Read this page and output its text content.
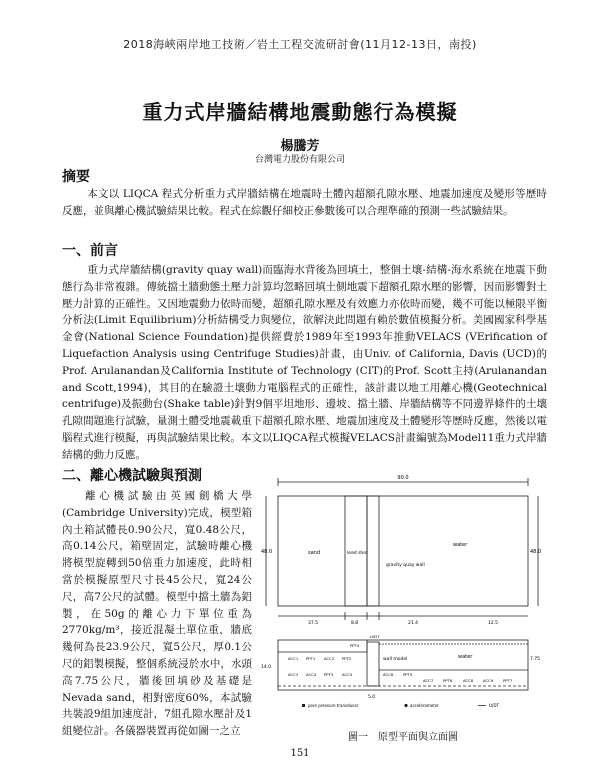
2018海峽兩岸地工技術／岩土工程交流研討會(11月12-13日，南投)
重力式岸牆結構地震動態行為模擬
楊騰芳
台灣電力股份有限公司
摘要
本文以 LIQCA 程式分析重力式岸牆結構在地震時土體內超額孔隙水壓、地震加速度及變形等歷時反應，並與離心機試驗結果比較。程式在綜觀仔細校正參數後可以合理準確的預測一些試驗結果。
一、前言
重力式岸牆結構(gravity quay wall)而臨海水背後為回填土，整個土壤-結構-海水系統在地震下動態行為非常複雜。傳統擋土牆動態土壓力計算均忽略回填土側地震下超額孔隙水壓的影響，因而影響對土壓力計算的正確性。又因地震動力依時而變，超額孔隙水壓及有效應力亦依時而變，幾不可能以極限平衡分析法(Limit Equilibrium)分析結構受力與變位，欲解決此問題有賴於數值模擬分析。美國國家科學基金會(National Science Foundation)提供經費於1989年至1993年推動VELACS (VErification of Liquefaction Analysis using Centrifuge Studies)計畫，由Univ. of California, Davis (UCD)的Prof. Arulanandan及California Institute of Technology (CIT)的Prof. Scott主持(Arulanandan and Scott,1994)，其目的在驗證土壤動力電腦程式的正確性，該計畫以地工用離心機(Geotechnical centrifuge)及振動台(Shake table)針對9個平坦地形、邊坡、擋土牆、岸牆結構等不同邊界條件的土壤孔隙間題進行試驗，量測土體受地震載重下超額孔隙水壓、地震加速度及土體變形等歷時反應，然後以電腦程式進行模擬，再與試驗結果比較。本文以LIQCA程式模擬VELACS計畫編號為Model11重力式岸牆結構的動力反應。
二、離心機試驗與預測
離心機試驗由英國劍橋大學(Cambridge University)完成，模型箱內土箱試體長0.90公尺，寬0.48公尺，高0.14公尺，箱壁固定，試驗時離心機將模型旋轉到50倍重力加速度，此時相當於模擬原型尺寸長45公尺，寬24公尺，高7公尺的試體。模型中擋土牆為鋁製，在50g的離心力下單位重為2770kg/m³，接近混凝土單位重，牆底幾何為長23.9公尺，寬5公尺，厚0.1公尺的鋁製模擬，整個系統浸於水中，水頭高7.75公尺，牆後回填砂及基礎是Nevada sand，相對密度60%，本試驗共裝設9組加速度計，7組孔隙水壓計及1組變位計。各儀器裝置再從如圖一之立
90.0
48.0	48.0
sand	lead shot
gravity quay wall
water
37.5	8.8	21.4	12.5
wall model	water
14.0
5.0
7.75
ACC1 PPT1 ACC2 PPT2
ACC3 ACC4 PPT3 ACC5
PPT4
ACC6	PPT5
ACC7	PPT6	ACC8	ACC9	PPT7
LVDT
pore pressure transducer	accelerometer	LVDT
圖一　原型平面與立面圖
151
